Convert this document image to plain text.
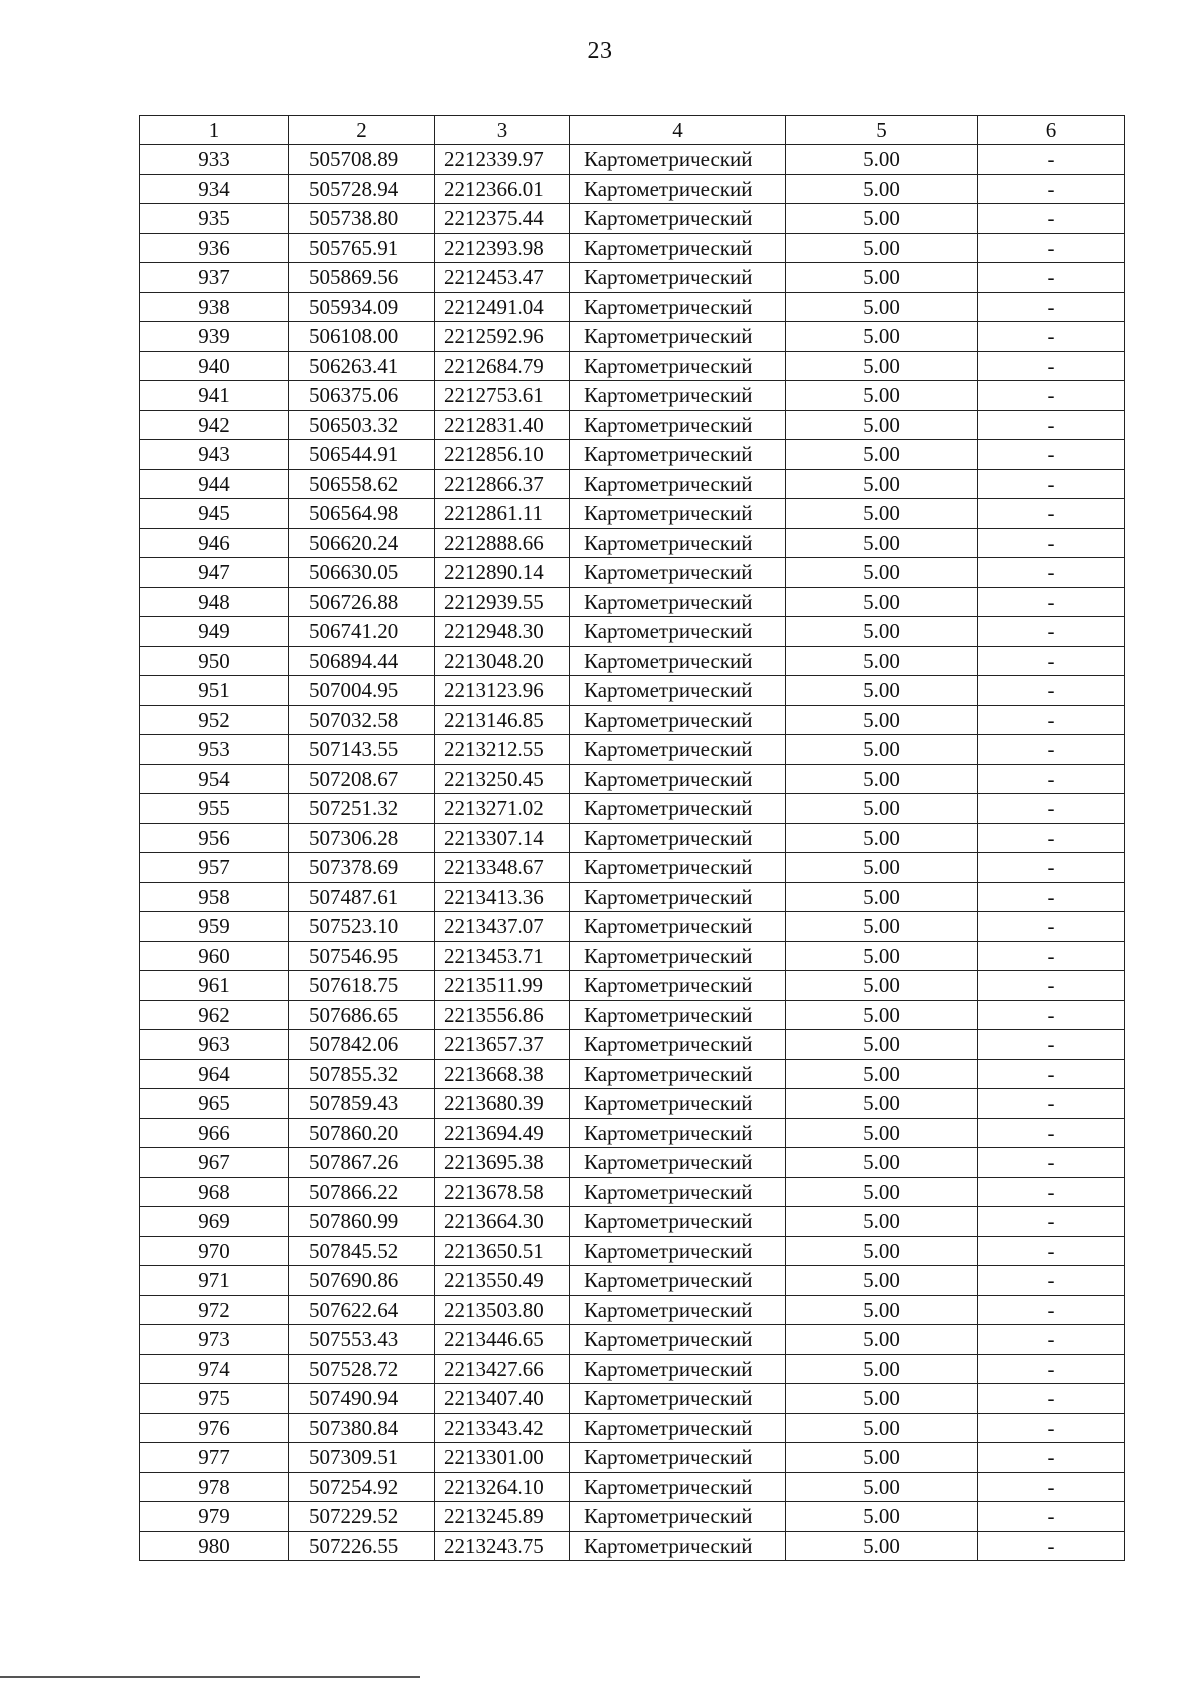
23
1	2	3	4	5	6
933	505708.89	2212339.97	Картометрический	5.00	-
934	505728.94	2212366.01	Картометрический	5.00	-
935	505738.80	2212375.44	Картометрический	5.00	-
936	505765.91	2212393.98	Картометрический	5.00	-
937	505869.56	2212453.47	Картометрический	5.00	-
938	505934.09	2212491.04	Картометрический	5.00	-
939	506108.00	2212592.96	Картометрический	5.00	-
940	506263.41	2212684.79	Картометрический	5.00	-
941	506375.06	2212753.61	Картометрический	5.00	-
942	506503.32	2212831.40	Картометрический	5.00	-
943	506544.91	2212856.10	Картометрический	5.00	-
944	506558.62	2212866.37	Картометрический	5.00	-
945	506564.98	2212861.11	Картометрический	5.00	-
946	506620.24	2212888.66	Картометрический	5.00	-
947	506630.05	2212890.14	Картометрический	5.00	-
948	506726.88	2212939.55	Картометрический	5.00	-
949	506741.20	2212948.30	Картометрический	5.00	-
950	506894.44	2213048.20	Картометрический	5.00	-
951	507004.95	2213123.96	Картометрический	5.00	-
952	507032.58	2213146.85	Картометрический	5.00	-
953	507143.55	2213212.55	Картометрический	5.00	-
954	507208.67	2213250.45	Картометрический	5.00	-
955	507251.32	2213271.02	Картометрический	5.00	-
956	507306.28	2213307.14	Картометрический	5.00	-
957	507378.69	2213348.67	Картометрический	5.00	-
958	507487.61	2213413.36	Картометрический	5.00	-
959	507523.10	2213437.07	Картометрический	5.00	-
960	507546.95	2213453.71	Картометрический	5.00	-
961	507618.75	2213511.99	Картометрический	5.00	-
962	507686.65	2213556.86	Картометрический	5.00	-
963	507842.06	2213657.37	Картометрический	5.00	-
964	507855.32	2213668.38	Картометрический	5.00	-
965	507859.43	2213680.39	Картометрический	5.00	-
966	507860.20	2213694.49	Картометрический	5.00	-
967	507867.26	2213695.38	Картометрический	5.00	-
968	507866.22	2213678.58	Картометрический	5.00	-
969	507860.99	2213664.30	Картометрический	5.00	-
970	507845.52	2213650.51	Картометрический	5.00	-
971	507690.86	2213550.49	Картометрический	5.00	-
972	507622.64	2213503.80	Картометрический	5.00	-
973	507553.43	2213446.65	Картометрический	5.00	-
974	507528.72	2213427.66	Картометрический	5.00	-
975	507490.94	2213407.40	Картометрический	5.00	-
976	507380.84	2213343.42	Картометрический	5.00	-
977	507309.51	2213301.00	Картометрический	5.00	-
978	507254.92	2213264.10	Картометрический	5.00	-
979	507229.52	2213245.89	Картометрический	5.00	-
980	507226.55	2213243.75	Картометрический	5.00	-
